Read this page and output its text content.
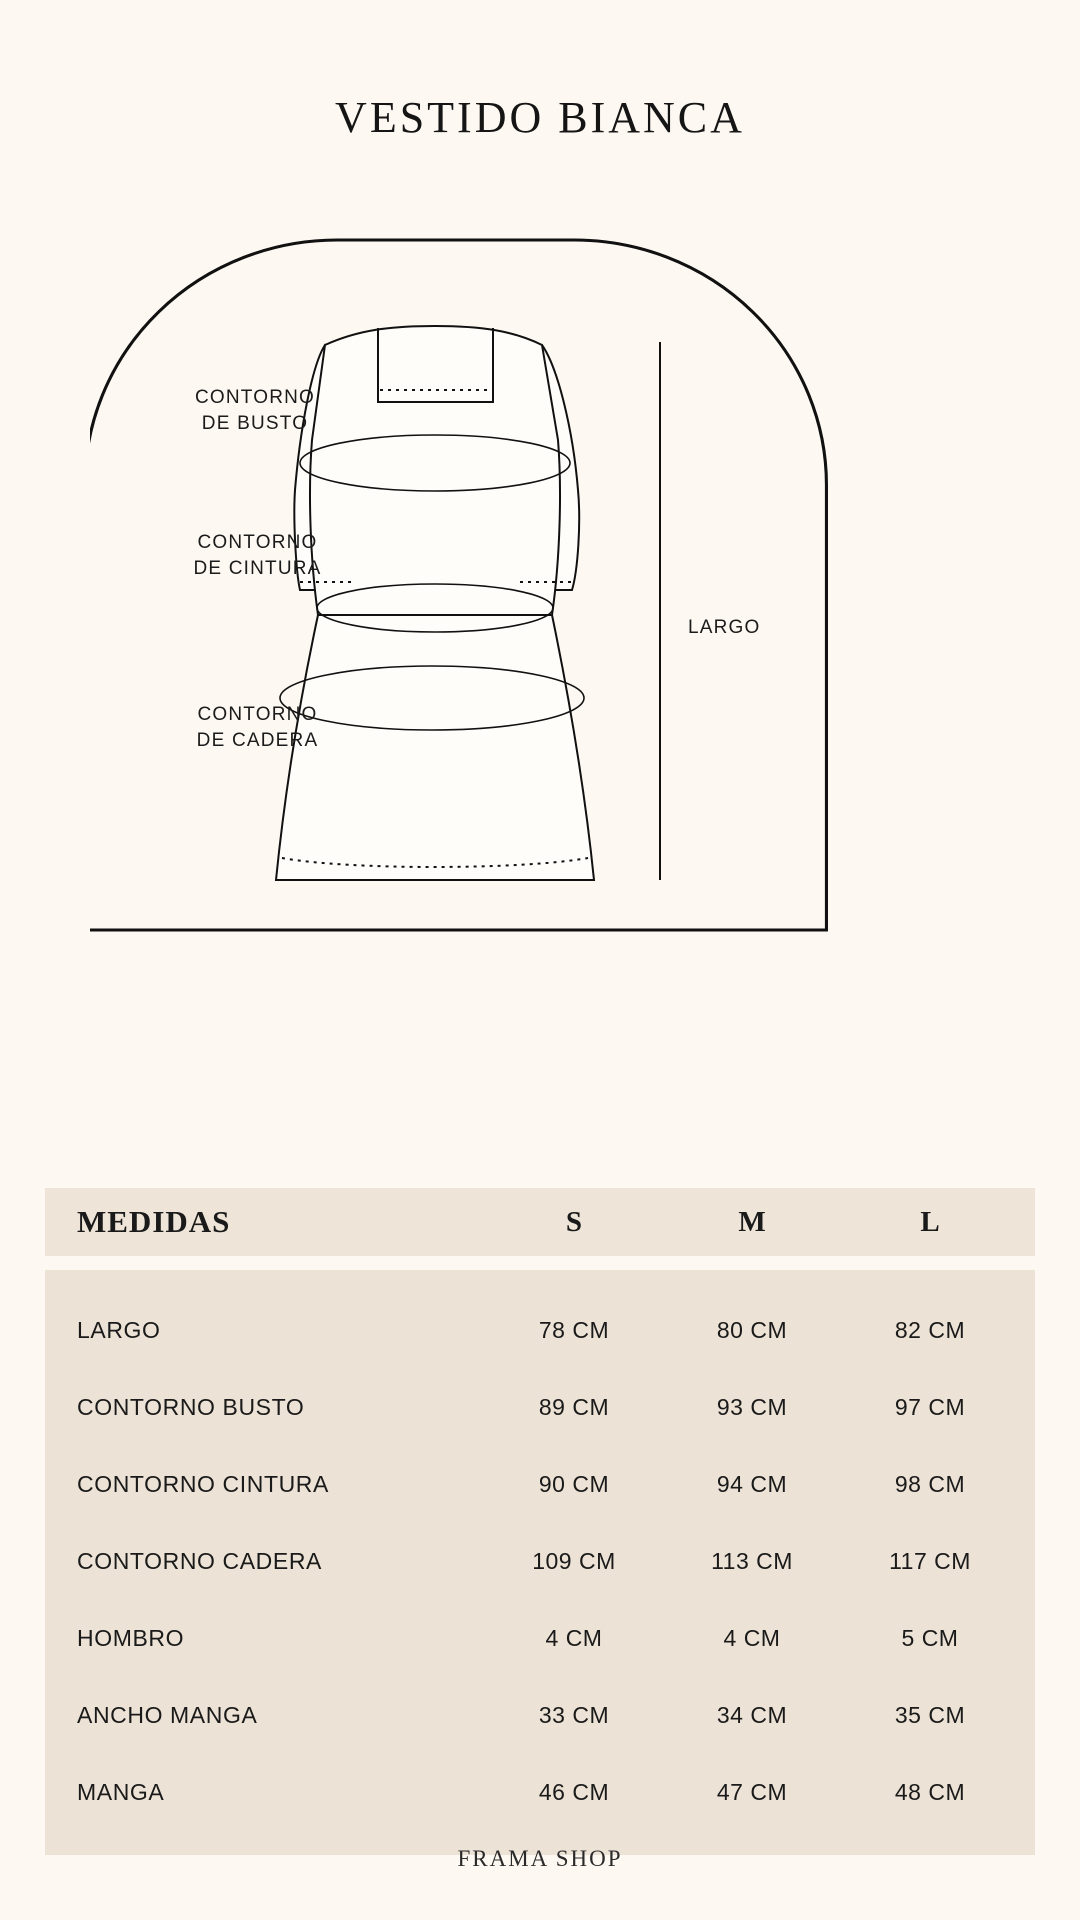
VESTIDO BIANCA
CONTORNO
DE BUSTO
CONTORNO
DE CINTURA
CONTORNO
DE CADERA
LARGO
MEDIDAS	S	M	L
LARGO	78 CM	80 CM	82 CM
CONTORNO BUSTO	89 CM	93 CM	97 CM
CONTORNO CINTURA	90 CM	94 CM	98 CM
CONTORNO CADERA	109 CM	113 CM	117 CM
HOMBRO	4 CM	4 CM	5 CM
ANCHO MANGA	33 CM	34 CM	35 CM
MANGA	46 CM	47 CM	48 CM
FRAMA SHOP
